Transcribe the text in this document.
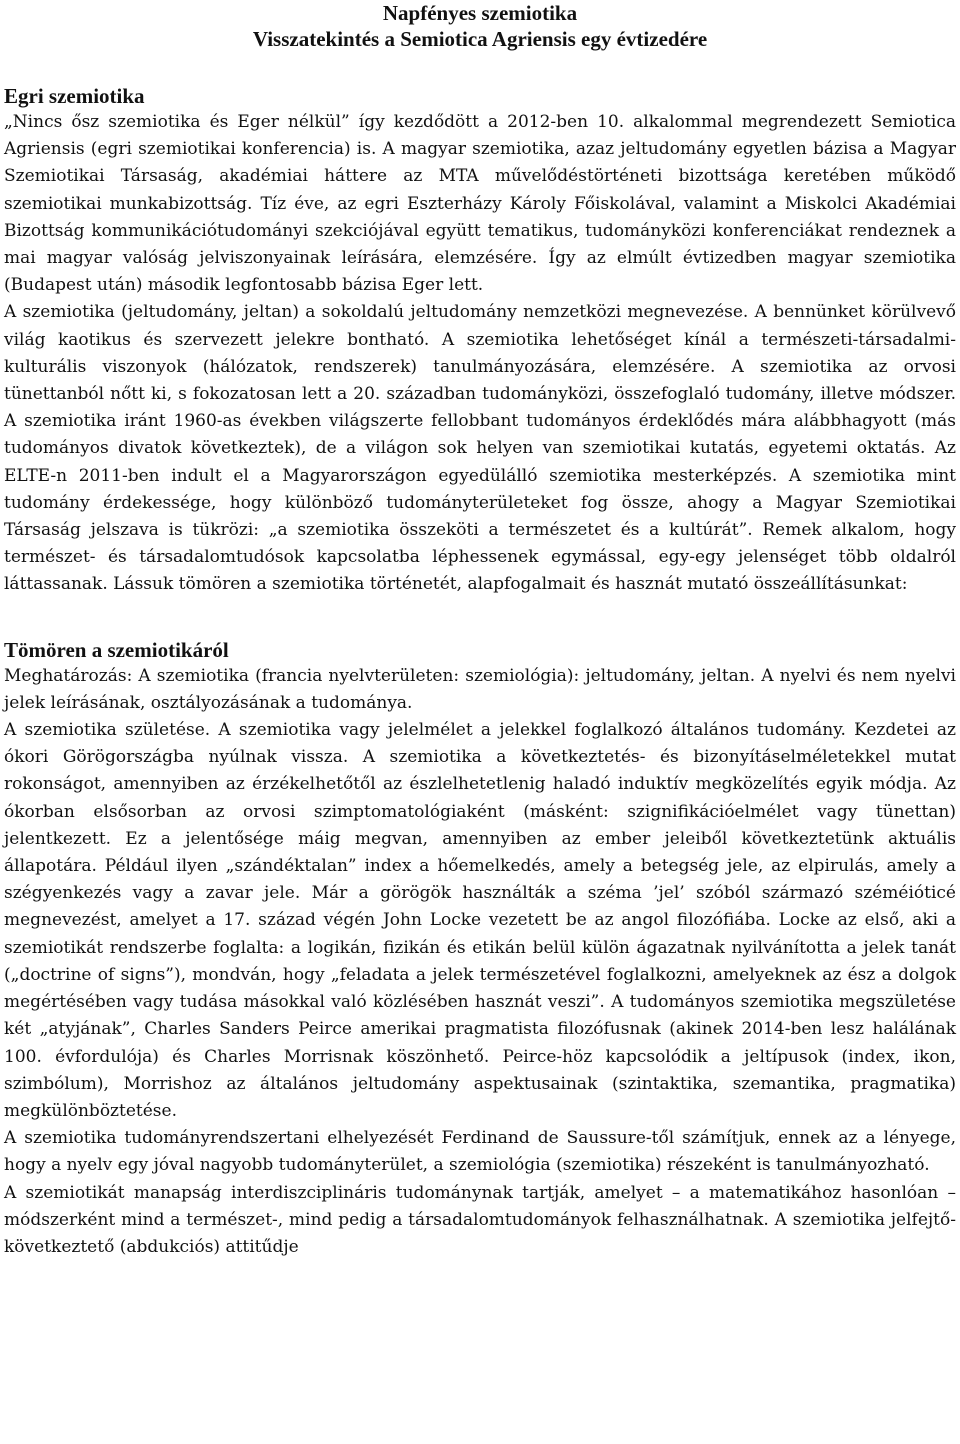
Napfényes szemiotika
Visszatekintés a Semiotica Agriensis egy évtizedére
Egri szemiotika

„Nincs ősz szemiotika és Eger nélkül” így kezdődött a 2012-ben 10. alkalommal megrendezett Semiotica Agriensis (egri szemiotikai konferencia) is. A magyar szemiotika, azaz jeltudomány egyetlen bázisa a Magyar Szemiotikai Társaság, akadémiai háttere az MTA művelődéstörténeti bizottsága keretében működő szemiotikai munkabizottság. Tíz éve, az egri Eszterházy Károly Főiskolával, valamint a Miskolci Akadémiai Bizottság kommunikációtudományi szekciójával együtt tematikus, tudományközi konferenciákat rendeznek a mai magyar valóság jelviszonyainak leírására, elemzésére. Így az elmúlt évtizedben magyar szemiotika (Budapest után) második legfontosabb bázisa Eger lett.

A szemiotika (jeltudomány, jeltan) a sokoldalú jeltudomány nemzetközi megnevezése. A bennünket körülvevő világ kaotikus és szervezett jelekre bontható. A szemiotika lehetőséget kínál a természeti-társadalmi-kulturális viszonyok (hálózatok, rendszerek) tanulmányozására, elemzésére. A szemiotika az orvosi tünettanból nőtt ki, s fokozatosan lett a 20. században tudományközi, összefoglaló tudomány, illetve módszer. A szemiotika iránt 1960-as években világszerte fellobbant tudományos érdeklődés mára alábbhagyott (más tudományos divatok következtek), de a világon sok helyen van szemiotikai kutatás, egyetemi oktatás. Az ELTE-n 2011-ben indult el a Magyarországon egyedülálló szemiotika mesterképzés. A szemiotika mint tudomány érdekessége, hogy különböző tudományterületeket fog össze, ahogy a Magyar Szemiotikai Társaság jelszava is tükrözi: „a szemiotika összeköti a természetet és a kultúrát”. Remek alkalom, hogy természet- és társadalomtudósok kapcsolatba léphessenek egymással, egy-egy jelenséget több oldalról láttassanak. Lássuk tömören a szemiotika történetét, alapfogalmait és hasznát mutató összeállításunkat:

Tömören a szemiotikáról

Meghatározás: A szemiotika (francia nyelvterületen: szemiológia): jeltudomány, jeltan. A nyelvi és nem nyelvi jelek leírásának, osztályozásának a tudománya.

A szemiotika születése. A szemiotika vagy jelelmélet a jelekkel foglalkozó általános tudomány. Kezdetei az ókori Görögországba nyúlnak vissza. A szemiotika a következtetés- és bizonyításelméletekkel mutat rokonságot, amennyiben az érzékelhetőtől az észlelhetetlenig haladó induktív megközelítés egyik módja. Az ókorban elsősorban az orvosi szimptomatológiaként (másként: szignifikációelmélet vagy tünettan) jelentkezett. Ez a jelentősége máig megvan, amennyiben az ember jeleiből következtetünk aktuális állapotára. Például ilyen „szándéktalan” index a hőemelkedés, amely a betegség jele, az elpirulás, amely a szégyenkezés vagy a zavar jele. Már a görögök használták a széma ’jel’ szóból származó széméióticé megnevezést, amelyet a 17. század végén John Locke vezetett be az angol filozófiába. Locke az első, aki a szemiotikát rendszerbe foglalta: a logikán, fizikán és etikán belül külön ágazatnak nyilvánította a jelek tanát („doctrine of signs”), mondván, hogy „feladata a jelek természetével foglalkozni, amelyeknek az ész a dolgok megértésében vagy tudása másokkal való közlésében hasznát veszi”. A tudományos szemiotika megszületése két „atyjának”, Charles Sanders Peirce amerikai pragmatista filozófusnak (akinek 2014-ben lesz halálának 100. évfordulója) és Charles Morrisnak köszönhető. Peirce-höz kapcsolódik a jeltípusok (index, ikon, szimbólum), Morrishoz az általános jeltudomány aspektusainak (szintaktika, szemantika, pragmatika) megkülönböztetése.

A szemiotika tudományrendszertani elhelyezését Ferdinand de Saussure-től számítjuk, ennek az a lényege, hogy a nyelv egy jóval nagyobb tudományterület, a szemiológia (szemiotika) részeként is tanulmányozható.

A szemiotikát manapság interdiszciplináris tudománynak tartják, amelyet – a matematikához hasonlóan – módszerként mind a természet-, mind pedig a társadalomtudományok felhasználhatnak. A szemiotika jelfejtő-következtető (abdukciós) attitűdje
